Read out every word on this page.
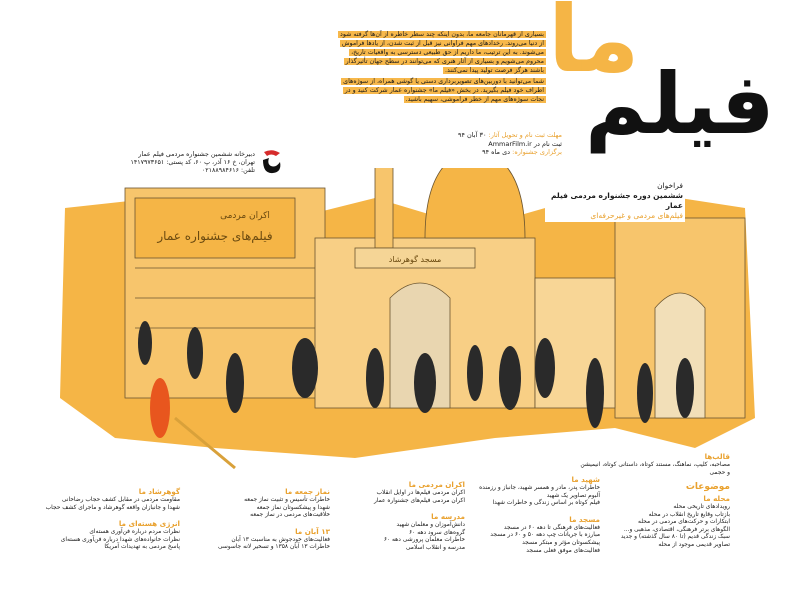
بسیاری از قهرمانان جامعه ما، بدون اینکه چند سطر خاطره از آن‌ها گرفته شود از دنیا می‌روند. رخدادهای مهم فراوانی نیز قبل از ثبت شدن، از یادها فراموش می‌شوند. به این ترتیب، ما داریم از حق طبیعی دسترسی به واقعیات تاریخ، محروم می‌شویم و بسیاری از آثار هنری که می‌توانند در سطح جهان تأثیرگذار باشند هرگز فرصت تولید پیدا نمی‌کنند.

شما می‌توانید با دوربین‌های تصویربرداری دستی یا گوشی همراه، از سوژه‌های اطراف خود فیلم بگیرید. در بخش «فیلم ما» جشنواره عمار شرکت کنید و در نجات سوژه‌های مهم از خطر فراموشی، سهیم باشید.

ما
فیلم
فراخوان
ششمین دوره جشنواره مردمی فیلم عمار
فیلم‌های مردمی و غیرحرفه‌ای
مهلت ثبت نام و تحویل آثار: ۳۰ آبان ۹۴
ثبت نام در AmmarFilm.ir
برگزاری جشنواره: دی ماه ۹۴
دبیرخانه ششمین جشنواره مردمی فیلم عمار
تهران، خ ۱۶ آذر، پ ۶۰، کد پستی: ۱۴۱۷۹۷۳۶۵۱
تلفن: ۰۲۱۸۸۹۸۴۶۱۶
اکران مردمی
فیلم‌های جشنواره عمار
مسجد گوهرشاد
قالب‌ها
مصاحبه، کلیپ، نماهنگ، مستند کوتاه، داستانی کوتاه، انیمیشن و حجمی
موضوعات
محله ما
رویدادهای تاریخی محله
بازتاب وقایع تاریخ انقلاب در محله
ابتکارات و حرکت‌های مردمی در محله
الگوهای برتر فرهنگی، اقتصادی، مذهبی و...
سبک زندگی قدیم (تا ۸۰ سال گذشته) و جدید
تصاویر قدیمی موجود از محله
شهید ما
خاطرات پدر، مادر و همسر شهید، جانباز و رزمنده
آلبوم تصاویر یک شهید
فیلم کوتاه بر اساس زندگی و خاطرات شهدا
مسجد ما
فعالیت‌های فرهنگی تا دهه ۶۰ در مسجد
مبارزه با جریانات چپ دهه ۵۰ و ۶۰ در مسجد
پیشکسوتان مؤثر و مبتکر مسجد
فعالیت‌های موفق فعلی مسجد
اکران مردمی ما
اکران مردمی فیلم‌ها در اوایل انقلاب
اکران مردمی فیلم‌های جشنواره عمار
مدرسه ما
دانش‌آموزان و معلمان شهید
گروه‌های سرود دهه ۶۰
خاطرات معلمان پرورشی دهه ۶۰
مدرسه و انقلاب اسلامی
نماز جمعه ما
خاطرات تأسیس و تثبیت نماز جمعه
شهدا و پیشکسوتان نماز جمعه
خلاقیت‌های مردمی در نماز جمعه
۱۳ آبان ما
فعالیت‌های خودجوش به مناسبت ۱۳ آبان
خاطرات ۱۳ آبان ۱۳۵۸ و تسخیر لانه جاسوسی
گوهرشاد ما
مقاومت مردمی در مقابل کشف حجاب رضاخانی
شهدا و جانبازان واقعه گوهرشاد و ماجرای کشف حجاب
انرژی هسته‌ای ما
نظرات مردم درباره فن‌آوری هسته‌ای
نظرات خانواده‌های شهدا درباره فن‌آوری هسته‌ای
پاسخ مردمی به تهدیدات آمریکا
